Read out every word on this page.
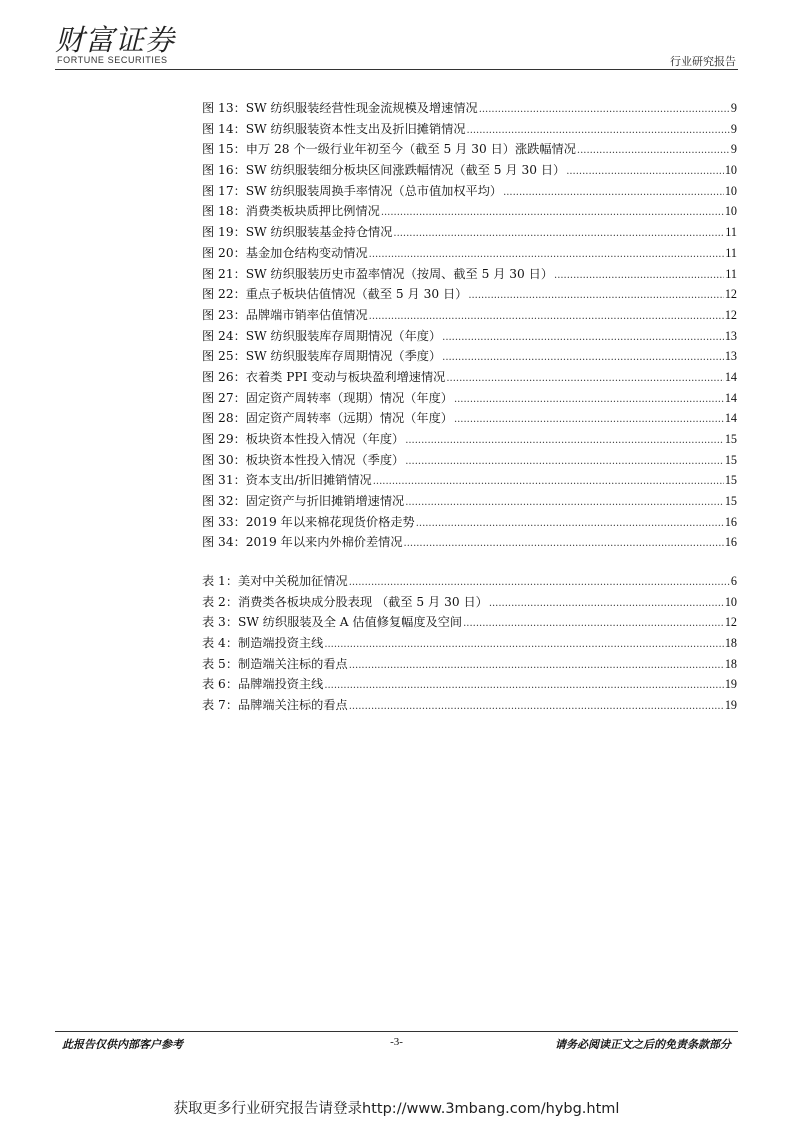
财富证券
FORTUNE SECURITIES	行业研究报告
图 13：SW 纺织服装经营性现金流规模及增速情况 .....	9
图 14：SW 纺织服装资本性支出及折旧摊销情况 .....	9
图 15：申万 28 个一级行业年初至今（截至 5 月 30 日）涨跌幅情况 .....	9
图 16：SW 纺织服装细分板块区间涨跌幅情况（截至 5 月 30 日） .....	10
图 17：SW 纺织服装周换手率情况（总市值加权平均） .....	10
图 18：消费类板块质押比例情况 .....	10
图 19：SW 纺织服装基金持仓情况 .....	11
图 20：基金加仓结构变动情况 .....	11
图 21：SW 纺织服装历史市盈率情况（按周、截至 5 月 30 日） .....	11
图 22：重点子板块估值情况（截至 5 月 30 日） .....	12
图 23：品牌端市销率估值情况 .....	12
图 24：SW 纺织服装库存周期情况（年度） .....	13
图 25：SW 纺织服装库存周期情况（季度） .....	13
图 26：衣着类 PPI 变动与板块盈利增速情况 .....	14
图 27：固定资产周转率（现期）情况（年度） .....	14
图 28：固定资产周转率（远期）情况（年度） .....	14
图 29：板块资本性投入情况（年度） .....	15
图 30：板块资本性投入情况（季度） .....	15
图 31：资本支出/折旧摊销情况 .....	15
图 32：固定资产与折旧摊销增速情况 .....	15
图 33：2019 年以来棉花现货价格走势 .....	16
图 34：2019 年以来内外棉价差情况 .....	16
表 1：美对中关税加征情况 .....	6
表 2：消费类各板块成分股表现 （截至 5 月 30 日） .....	10
表 3：SW 纺织服装及全 A 估值修复幅度及空间 .....	12
表 4：制造端投资主线 .....	18
表 5：制造端关注标的看点 .....	18
表 6：品牌端投资主线 .....	19
表 7：品牌端关注标的看点 .....	19
此报告仅供内部客户参考	-3-	请务必阅读正文之后的免责条款部分
获取更多行业研究报告请登录http://www.3mbang.com/hybg.html
